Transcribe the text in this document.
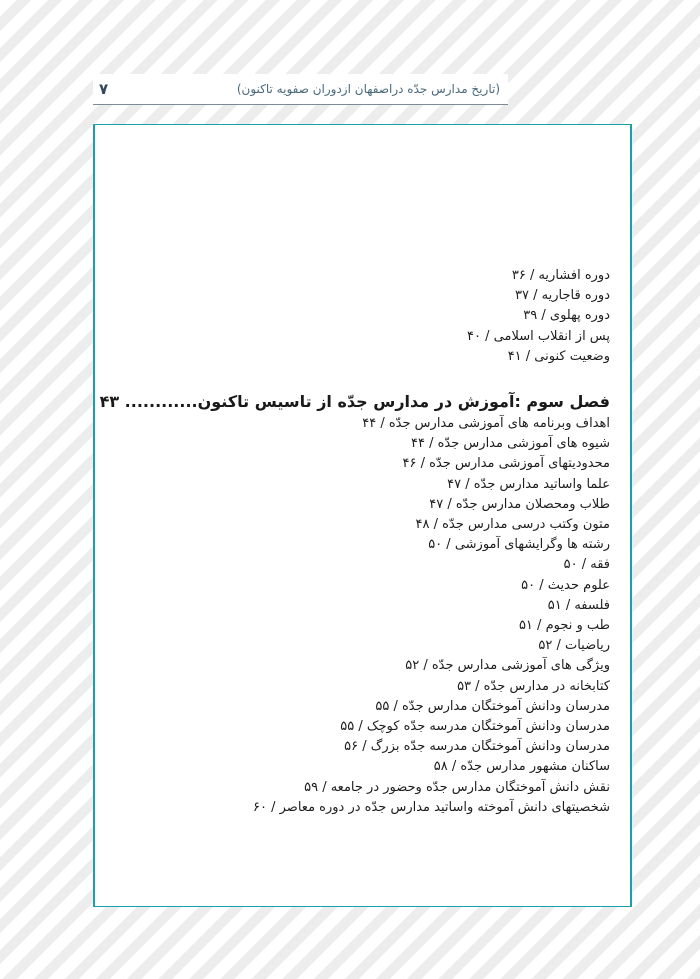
۷	(تاریخ مدارس جدّه دراصفهان ازدوران صفویه تاکنون)
دوره افشاریه / ۳۶
دوره قاجاریه / ۳۷
دوره پهلوی / ۳۹
پس از انقلاب اسلامی / ۴۰
وضعیت کنونی / ۴۱
فصل سوم :آموزش در مدارس جدّه از تاسیس تاکنون............ ۴۳
اهداف وبرنامه های آموزشی مدارس جدّه / ۴۴
شیوه های آموزشی مدارس جدّه / ۴۴
محدودیتهای آموزشی مدارس جدّه / ۴۶
علما واساتید مدارس جدّه / ۴۷
طلاب ومحصلان مدارس جدّه / ۴۷
متون وکتب درسی مدارس جدّه / ۴۸
رشته ها وگرایشهای آموزشی / ۵۰
فقه / ۵۰
علوم حدیث / ۵۰
فلسفه / ۵۱
طب و نجوم / ۵۱
ریاضیات / ۵۲
ویژگی های آموزشی مدارس جدّه / ۵۲
کتابخانه در مدارس جدّه / ۵۳
مدرسان ودانش آموختگان مدارس جدّه / ۵۵
مدرسان ودانش آموختگان مدرسه جدّه کوچک / ۵۵
مدرسان ودانش آموختگان مدرسه جدّه بزرگ / ۵۶
ساکنان مشهور مدارس جدّه / ۵۸
نقش دانش آموختگان مدارس جدّه وحضور در جامعه / ۵۹
شخصیتهای دانش آموخته واساتید مدارس جدّه در دوره معاصر / ۶۰
